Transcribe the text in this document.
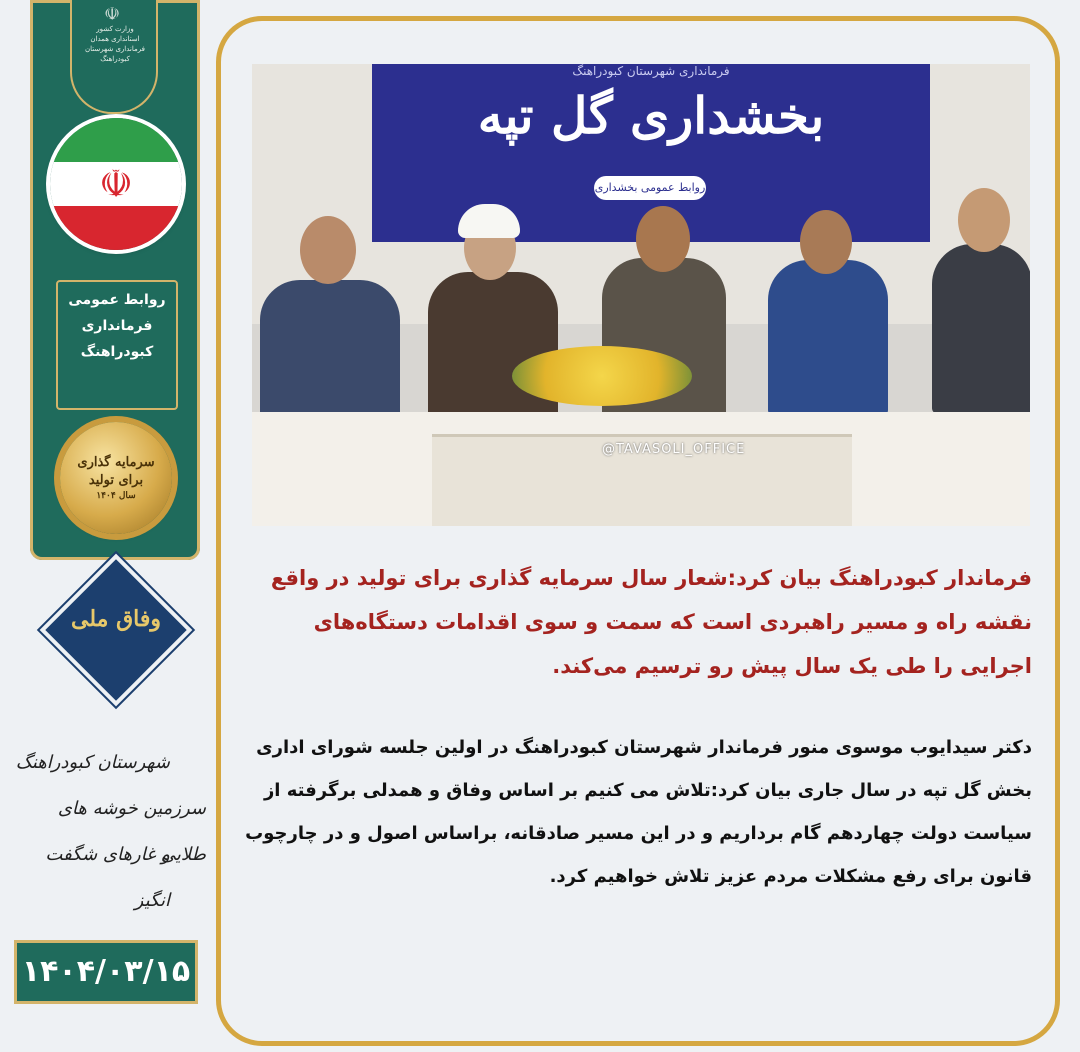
☫
وزارت کشور
استانداری همدان
فرمانداری شهرستان کبودراهنگ
☫
روابط عمومی
فرمانداری
کبودراهنگ
سرمایه گذاری
برای تولید
سال ۱۴۰۴
وفاق ملی
شهرستان کبودراهنگ
سرزمین خوشه های طلایی
و غارهای شگفت انگیز
۱۴۰۴/۰۳/۱۵
فرمانداری شهرستان کبودراهنگ
بخشداری گل تپه
روابط عمومی بخشداری
@TAVASOLI_OFFICE
فرماندار کبودراهنگ بیان کرد:شعار سال سرمایه گذاری برای تولید در واقع نقشه راه و مسیر راهبردی است که سمت و سوی اقدامات دستگاه‌های اجرایی را طی یک سال پیش رو ترسیم می‌کند.
دکتر سیدایوب موسوی منور فرماندار شهرستان کبودراهنگ در اولین جلسه شورای اداری بخش گل تپه در سال جاری بیان کرد:تلاش می کنیم بر اساس وفاق و همدلی برگرفته از سیاست دولت چهاردهم گام برداریم و در این مسیر صادقانه، براساس اصول و در چارچوب قانون برای رفع مشکلات مردم عزیز تلاش خواهیم کرد.
